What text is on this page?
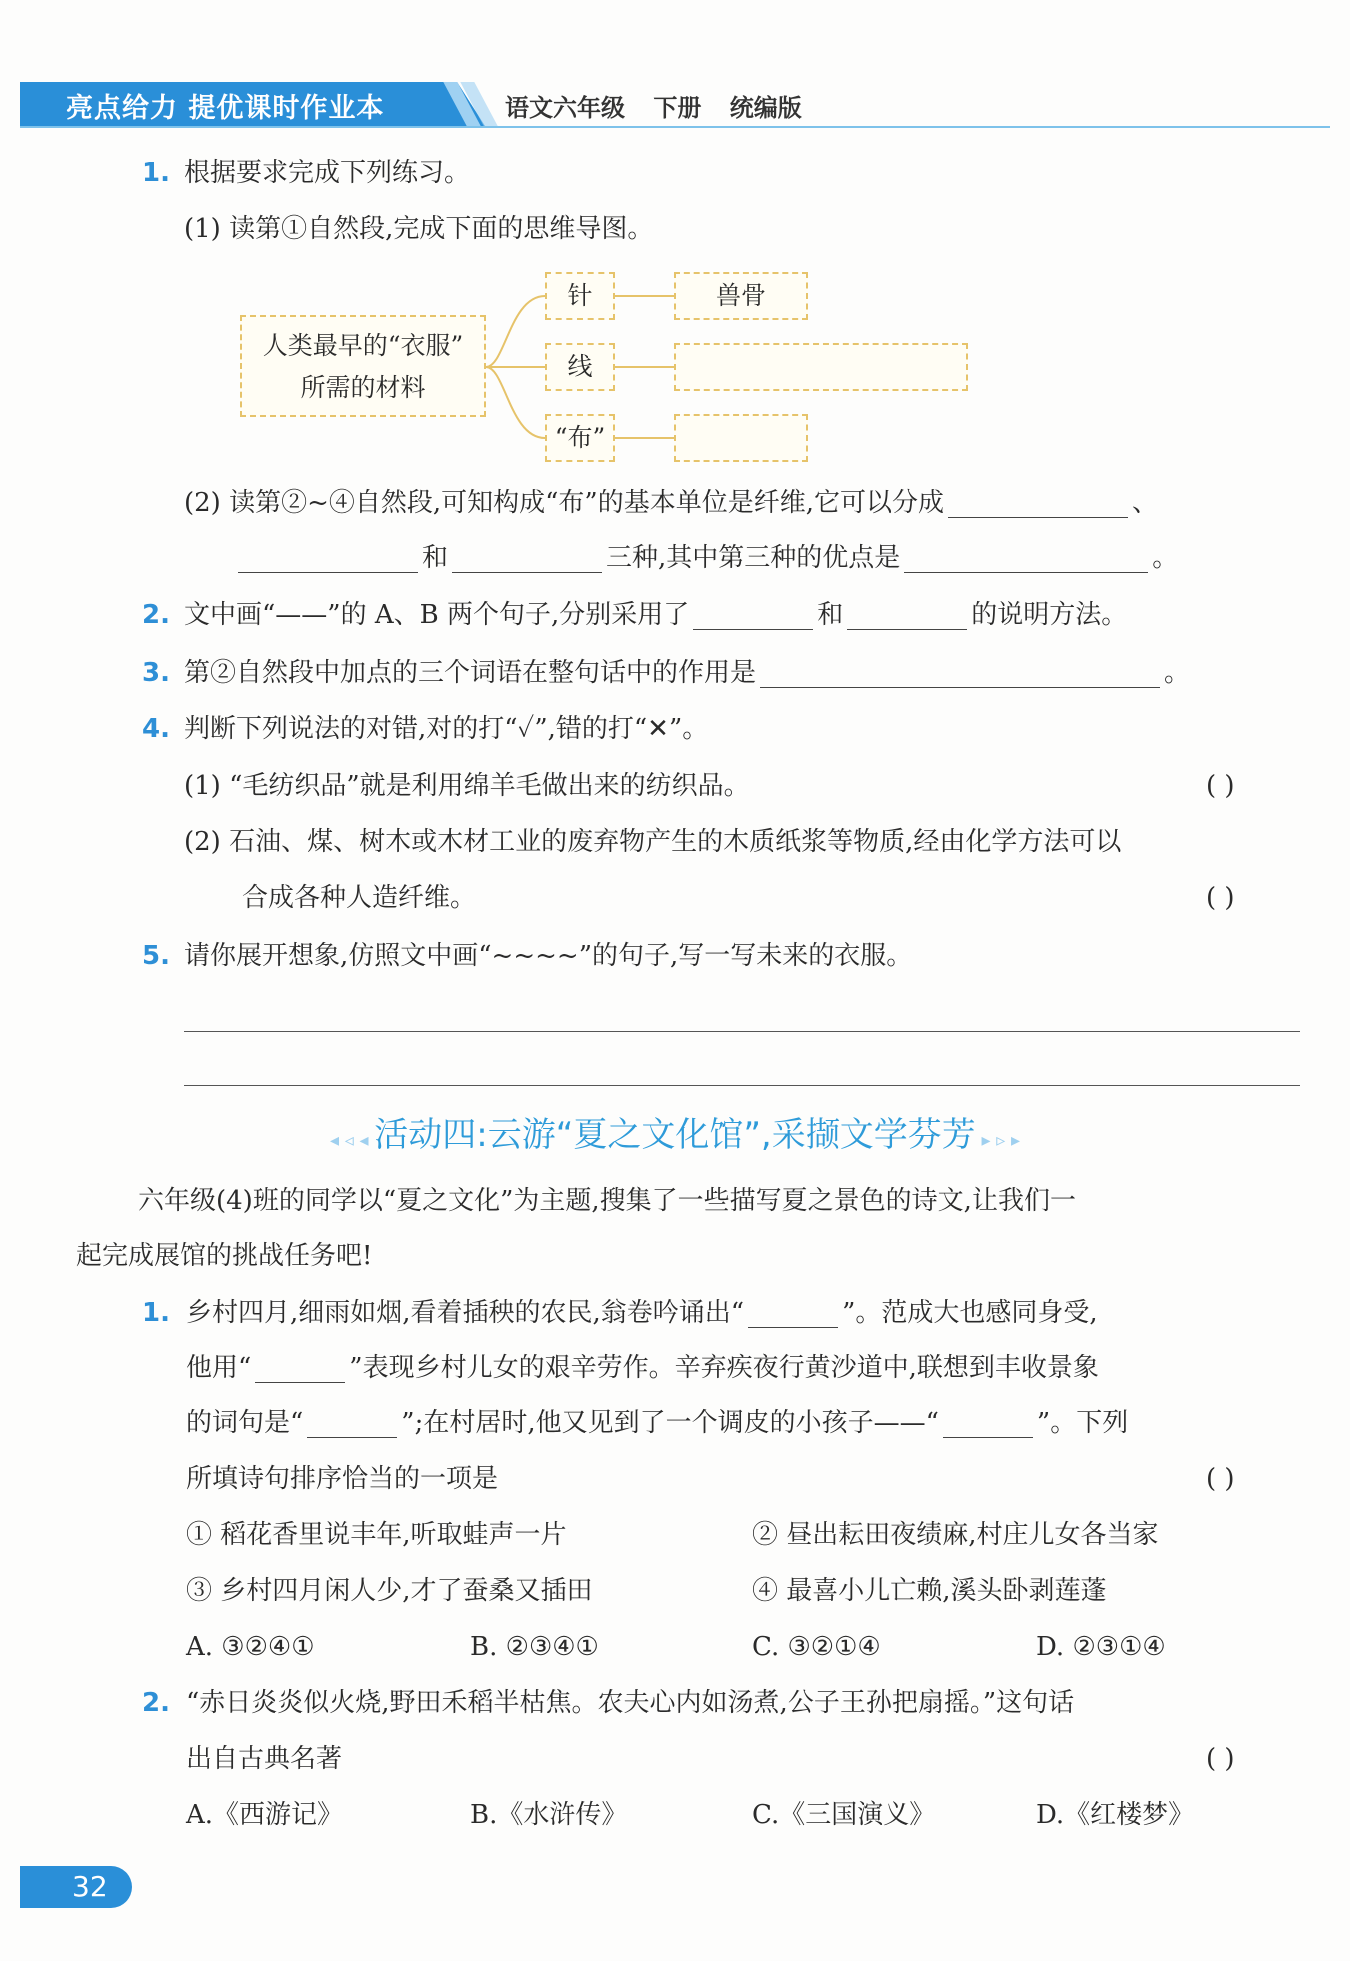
亮点给力 提优课时作业本	语文六年级 下册 统编版
1. 根据要求完成下列练习。
(1) 读第①自然段,完成下面的思维导图。
人类最早的“衣服”
所需的材料
针	兽骨
线
“布”
(2) 读第②~④自然段,可知构成“布”的基本单位是纤维,它可以分成	、
和	三种,其中第三种的优点是	。
2. 文中画“——”的 A、B 两个句子,分别采用了	和	的说明方法。
3. 第②自然段中加点的三个词语在整句话中的作用是	。
4. 判断下列说法的对错,对的打“✓”,错的打“✕”。
(1) “毛纺织品”就是利用绵羊毛做出来的纺织品。	( )
(2) 石油、煤、树木或木材工业的废弃物产生的木质纸浆等物质,经由化学方法可以
合成各种人造纤维。	( )
5. 请你展开想象,仿照文中画“~~~~”的句子,写一写未来的衣服。
◂ ◃ ◂ 活动四:云游“夏之文化馆”,采撷文学芬芳 ▸ ▹ ▸
六年级(4)班的同学以“夏之文化”为主题,搜集了一些描写夏之景色的诗文,让我们一
起完成展馆的挑战任务吧!
1. 乡村四月,细雨如烟,看着插秧的农民,翁卷吟诵出“	”。范成大也感同身受,
他用“	”表现乡村儿女的艰辛劳作。辛弃疾夜行黄沙道中,联想到丰收景象
的词句是“	”;在村居时,他又见到了一个调皮的小孩子——“	”。下列
所填诗句排序恰当的一项是	( )
① 稻花香里说丰年,听取蛙声一片	② 昼出耘田夜绩麻,村庄儿女各当家
③ 乡村四月闲人少,才了蚕桑又插田	④ 最喜小儿亡赖,溪头卧剥莲蓬
A. ③②④①	B. ②③④①	C. ③②①④	D. ②③①④
2. “赤日炎炎似火烧,野田禾稻半枯焦。农夫心内如汤煮,公子王孙把扇摇。”这句话
出自古典名著	( )
A.《西游记》	B.《水浒传》	C.《三国演义》	D.《红楼梦》
32
